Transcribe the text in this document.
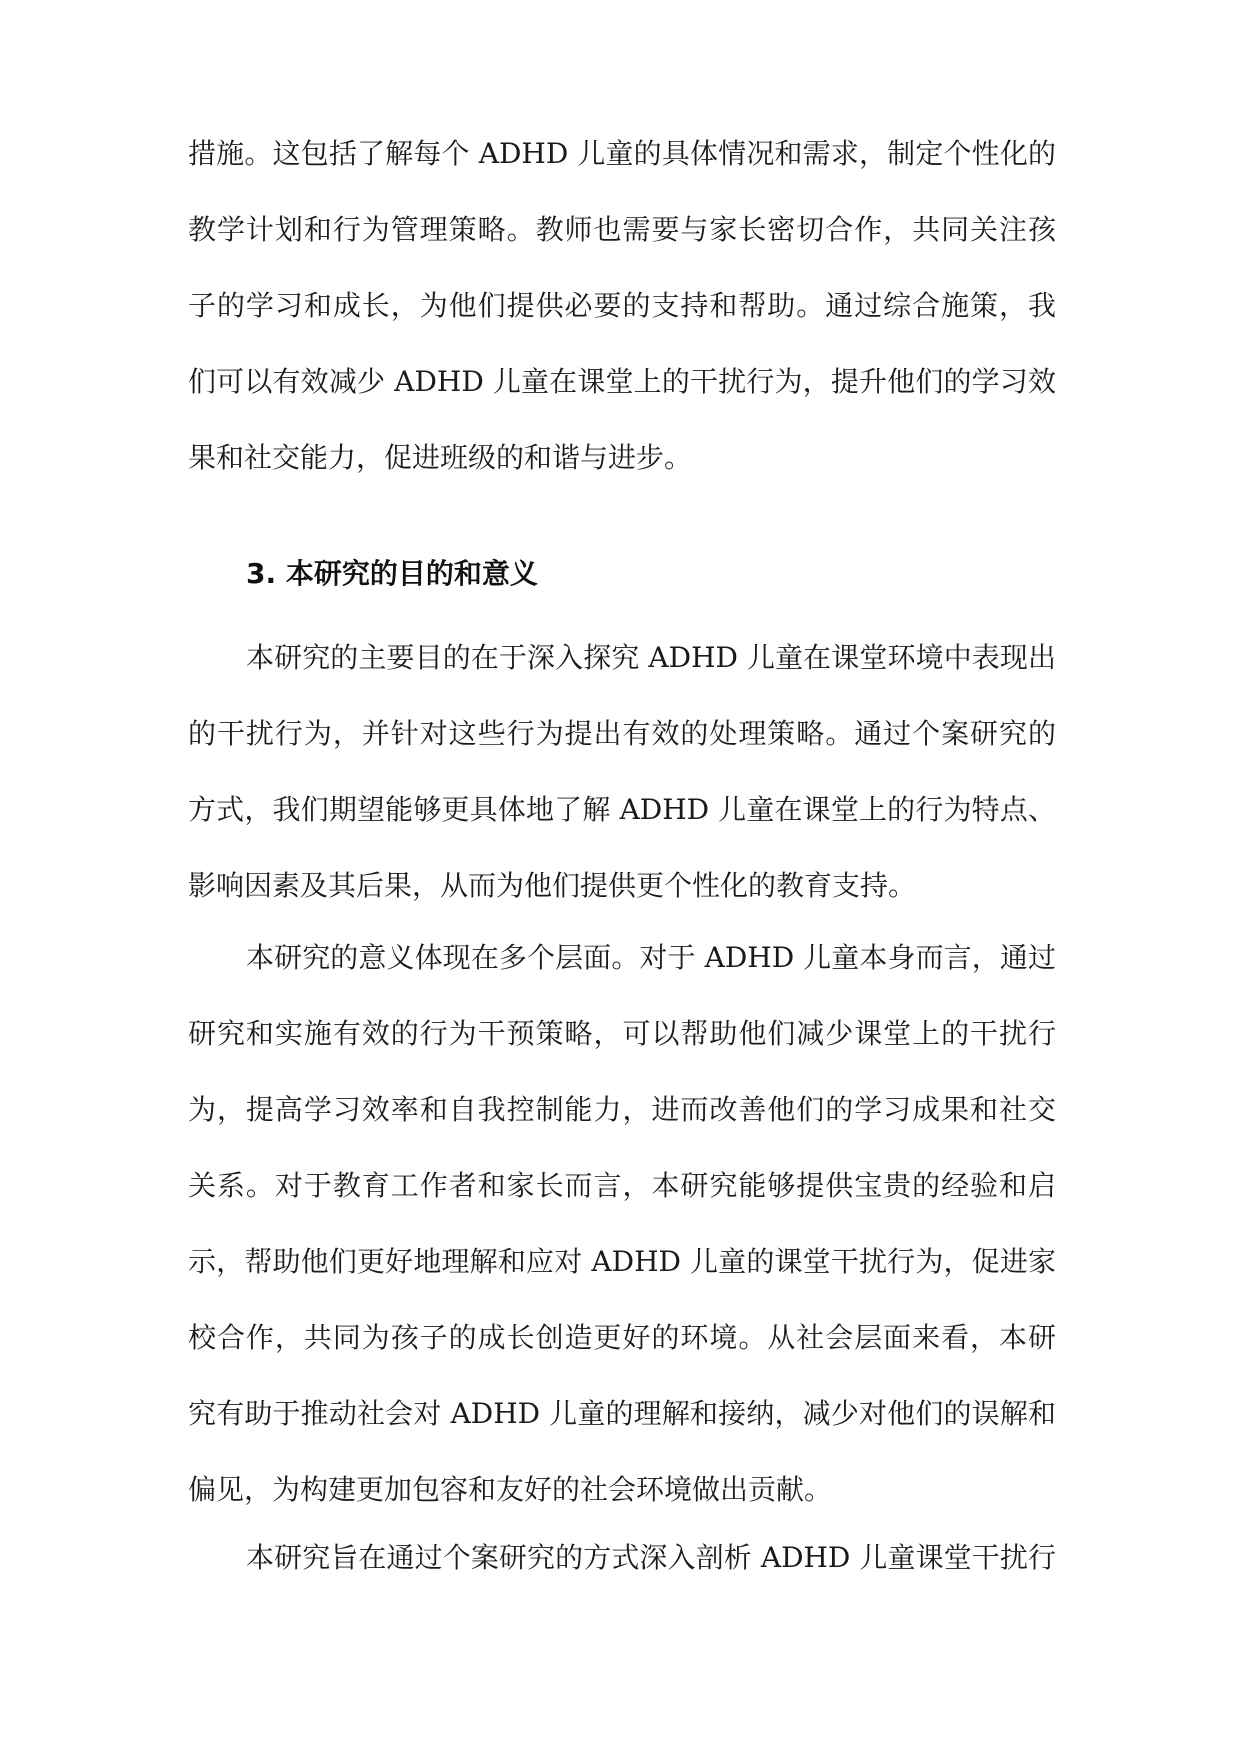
措施。这包括了解每个 ADHD 儿童的具体情况和需求，制定个性化的
教学计划和行为管理策略。教师也需要与家长密切合作，共同关注孩
子的学习和成长，为他们提供必要的支持和帮助。通过综合施策，我
们可以有效减少 ADHD 儿童在课堂上的干扰行为，提升他们的学习效
果和社交能力，促进班级的和谐与进步。
3. 本研究的目的和意义
本研究的主要目的在于深入探究 ADHD 儿童在课堂环境中表现出
的干扰行为，并针对这些行为提出有效的处理策略。通过个案研究的
方式，我们期望能够更具体地了解 ADHD 儿童在课堂上的行为特点、
影响因素及其后果，从而为他们提供更个性化的教育支持。
本研究的意义体现在多个层面。对于 ADHD 儿童本身而言，通过
研究和实施有效的行为干预策略，可以帮助他们减少课堂上的干扰行
为，提高学习效率和自我控制能力，进而改善他们的学习成果和社交
关系。对于教育工作者和家长而言，本研究能够提供宝贵的经验和启
示，帮助他们更好地理解和应对 ADHD 儿童的课堂干扰行为，促进家
校合作，共同为孩子的成长创造更好的环境。从社会层面来看，本研
究有助于推动社会对 ADHD 儿童的理解和接纳，减少对他们的误解和
偏见，为构建更加包容和友好的社会环境做出贡献。
本研究旨在通过个案研究的方式深入剖析 ADHD 儿童课堂干扰行
